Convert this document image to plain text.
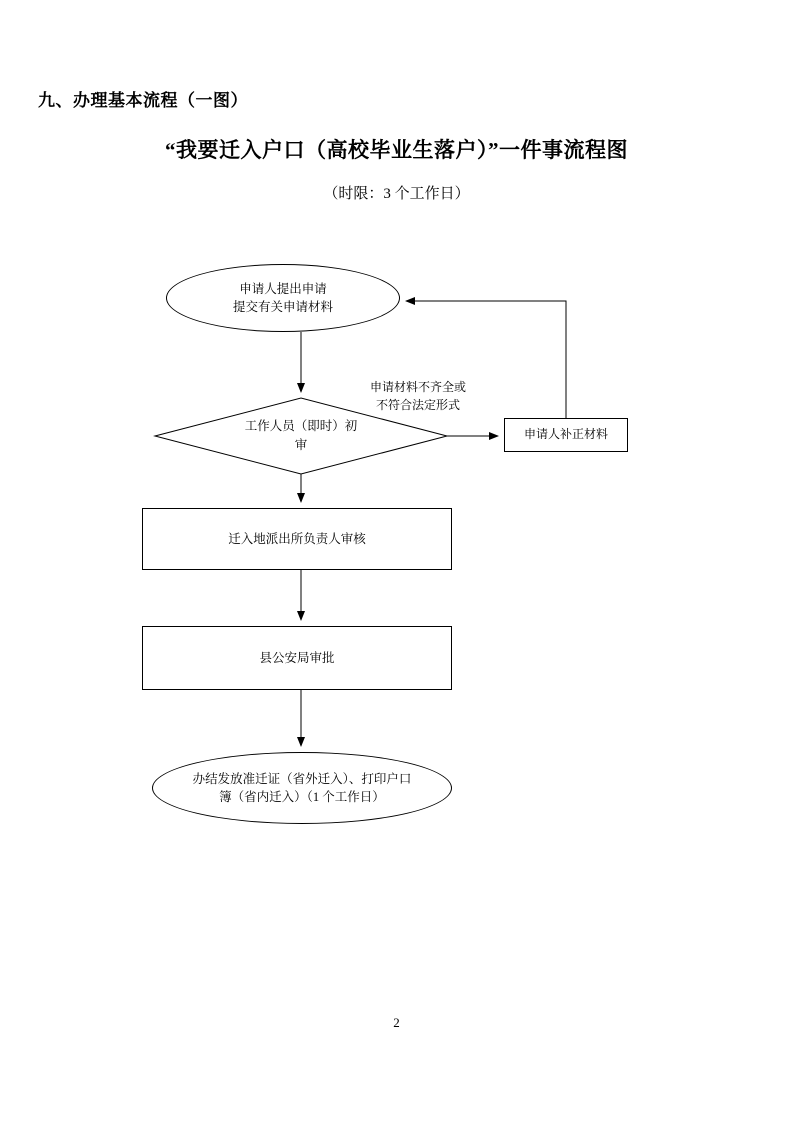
九、办理基本流程（一图）
“我要迁入户口（高校毕业生落户）”一件事流程图
（时限：3 个工作日）
申请人提出申请
提交有关申请材料
工作人员（即时）初
审
申请材料不齐全或
不符合法定形式
申请人补正材料
迁入地派出所负责人审核
县公安局审批
办结发放准迁证（省外迁入）、打印户口
簿（省内迁入）（1 个工作日）
2
